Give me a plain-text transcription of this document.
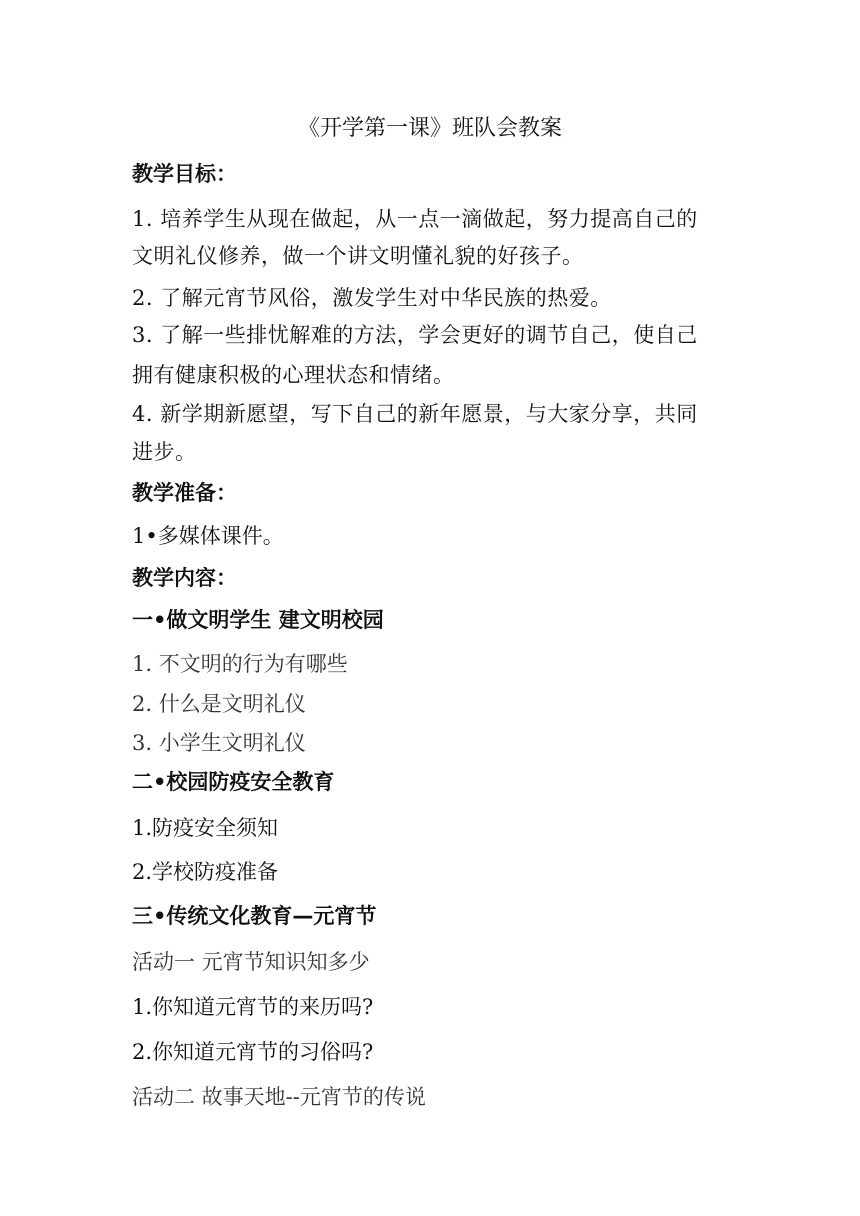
《开学第一课》班队会教案
教学目标：
1. 培养学生从现在做起，从一点一滴做起，努力提高自己的
文明礼仪修养，做一个讲文明懂礼貌的好孩子。
2. 了解元宵节风俗，激发学生对中华民族的热爱。
3. 了解一些排忧解难的方法，学会更好的调节自己，使自己
拥有健康积极的心理状态和情绪。
4. 新学期新愿望，写下自己的新年愿景，与大家分享，共同
进步。
教学准备：
1•多媒体课件。
教学内容：
一•做文明学生 建文明校园
1. 不文明的行为有哪些
2. 什么是文明礼仪
3. 小学生文明礼仪
二•校园防疫安全教育
1.防疫安全须知
2.学校防疫准备
三•传统文化教育—元宵节
活动一 元宵节知识知多少
1.你知道元宵节的来历吗?
2.你知道元宵节的习俗吗?
活动二 故事天地--元宵节的传说
